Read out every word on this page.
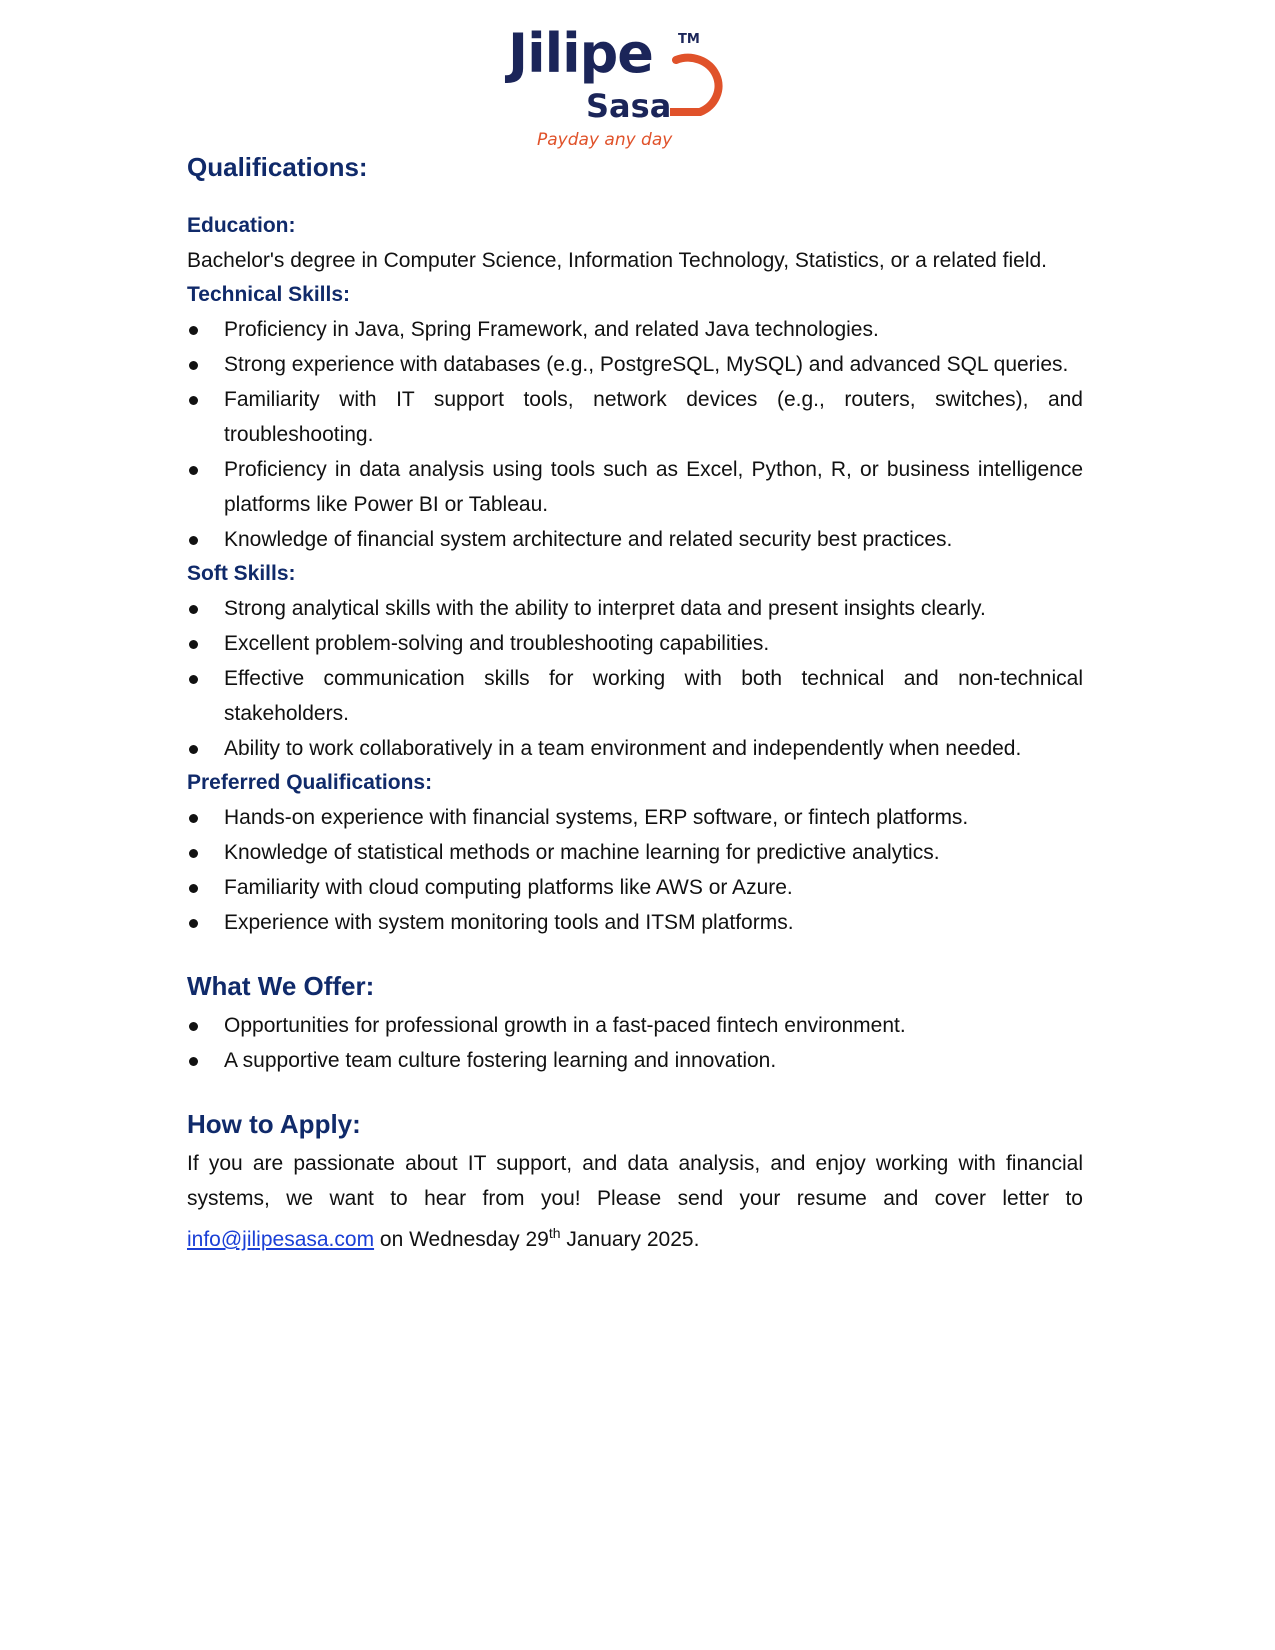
Jilipe TM
Sasa
Payday any day
Qualifications:
Education:

Bachelor's degree in Computer Science, Information Technology, Statistics, or a related field.

Technical Skills:
Proficiency in Java, Spring Framework, and related Java technologies.
Strong experience with databases (e.g., PostgreSQL, MySQL) and advanced SQL queries.
Familiarity with IT support tools, network devices (e.g., routers, switches), and troubleshooting.
Proficiency in data analysis using tools such as Excel, Python, R, or business intelligence platforms like Power BI or Tableau.
Knowledge of financial system architecture and related security best practices.
Soft Skills:
Strong analytical skills with the ability to interpret data and present insights clearly.
Excellent problem-solving and troubleshooting capabilities.
Effective communication skills for working with both technical and non-technical stakeholders.
Ability to work collaboratively in a team environment and independently when needed.
Preferred Qualifications:
Hands-on experience with financial systems, ERP software, or fintech platforms.
Knowledge of statistical methods or machine learning for predictive analytics.
Familiarity with cloud computing platforms like AWS or Azure.
Experience with system monitoring tools and ITSM platforms.
What We Offer:
Opportunities for professional growth in a fast-paced fintech environment.
A supportive team culture fostering learning and innovation.
How to Apply:

If you are passionate about IT support, and data analysis, and enjoy working with financial systems, we want to hear from you! Please send your resume and cover letter to info@jilipesasa.com on Wednesday 29th January 2025.
